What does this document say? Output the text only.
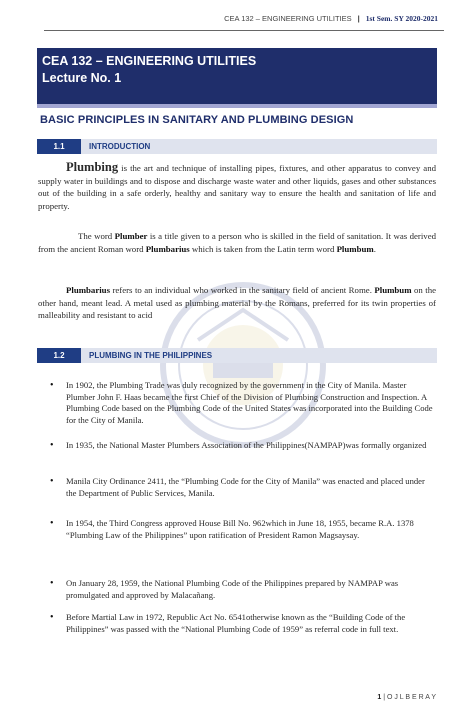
CEA 132 – ENGINEERING UTILITIES | 1st Sem. SY 2020-2021
CEA 132 – ENGINEERING UTILITIES
Lecture No. 1
BASIC PRINCIPLES IN SANITARY AND PLUMBING DESIGN
1.1	INTRODUCTION
Plumbing is the art and technique of installing pipes, fixtures, and other apparatus to convey and supply water in buildings and to dispose and discharge waste water and other liquids, gases and other substances out of the building in a safe orderly, healthy and sanitary way to ensure the health and sanitation of life and property.
The word Plumber is a title given to a person who is skilled in the field of sanitation. It was derived from the ancient Roman word Plumbarius which is taken from the Latin term word Plumbum.
Plumbarius refers to an individual who worked in the sanitary field of ancient Rome. Plumbum on the other hand, meant lead. A metal used as plumbing material by the Romans, preferred for its twin properties of malleability and resistant to acid
1.2	PLUMBING IN THE PHILIPPINES
• In 1902, the Plumbing Trade was duly recognized by the government in the City of Manila. Master Plumber John F. Haas became the first Chief of the Division of Plumbing Construction and Inspection. A Plumbing Code based on the Plumbing Code of the United States was incorporated into the Building Code for the City of Manila.
• In 1935, the National Master Plumbers Association of the Philippines(NAMPAP)was formally organized
• Manila City Ordinance 2411, the “Plumbing Code for the City of Manila” was enacted and placed under the Department of Public Services, Manila.
• In 1954, the Third Congress approved House Bill No. 962which in June 18, 1955, became R.A. 1378 “Plumbing Law of the Philippines” upon ratification of President Ramon Magsaysay.
• On January 28, 1959, the National Plumbing Code of the Philippines prepared by NAMPAP was promulgated and approved by Malacañang.
• Before Martial Law in 1972, Republic Act No. 6541otherwise known as the “Building Code of the Philippines” was passed with the “National Plumbing Code of 1959” as referral code in full text.
1 | O J L B E R A Y
